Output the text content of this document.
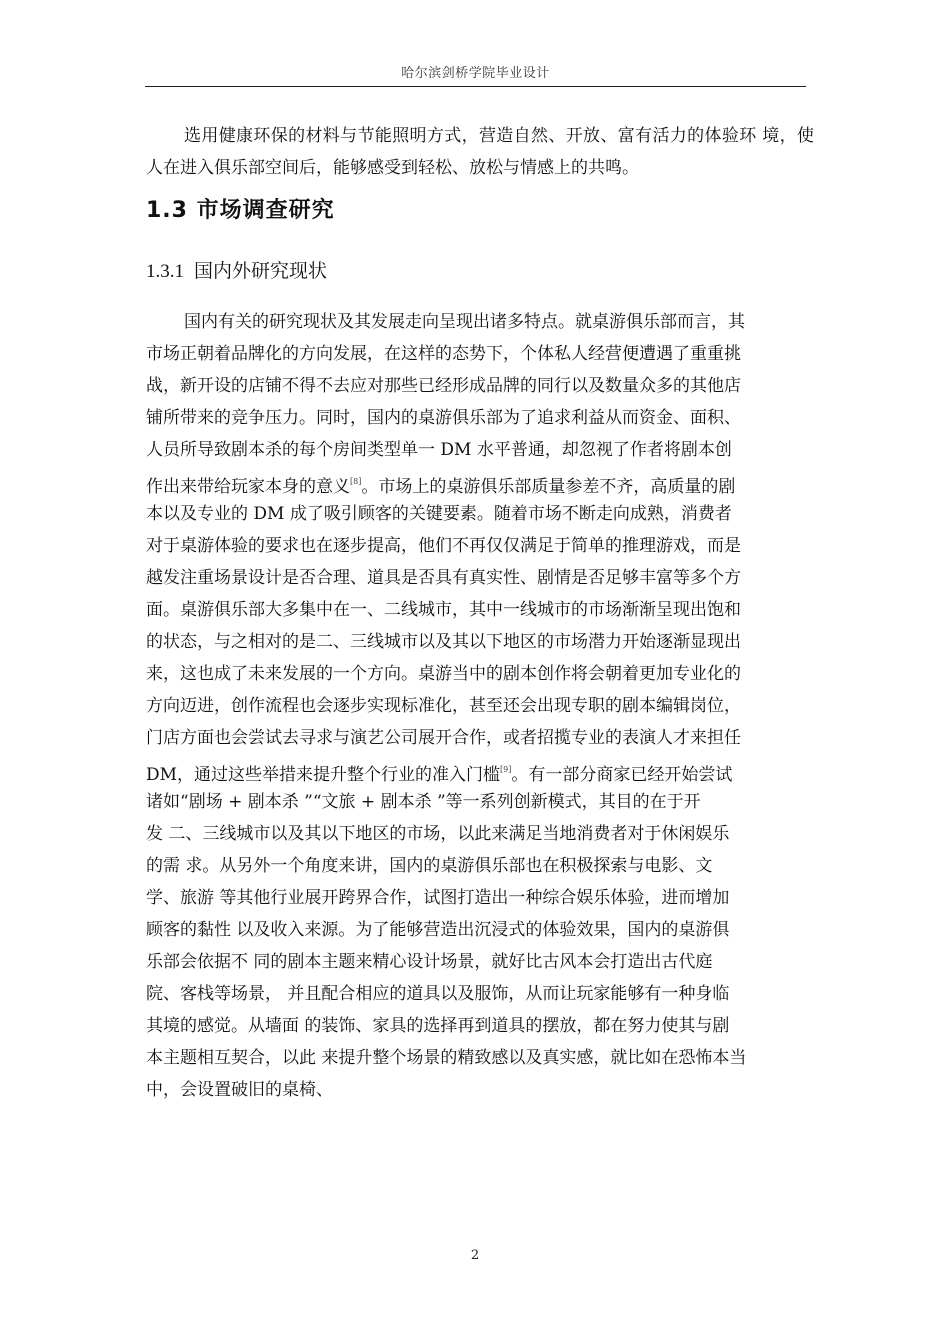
哈尔滨剑桥学院毕业设计
选用健康环保的材料与节能照明方式，营造自然、开放、富有活力的体验环 境，使人在进入俱乐部空间后，能够感受到轻松、放松与情感上的共鸣。
1.3 市场调查研究
1.3.1 国内外研究现状
国内有关的研究现状及其发展走向呈现出诸多特点。就桌游俱乐部而言，其
市场正朝着品牌化的方向发展，在这样的态势下，个体私人经营便遭遇了重重挑
战，新开设的店铺不得不去应对那些已经形成品牌的同行以及数量众多的其他店
铺所带来的竞争压力。同时，国内的桌游俱乐部为了追求利益从而资金、面积、
人员所导致剧本杀的每个房间类型单一 DM 水平普通，却忽视了作者将剧本创
作出来带给玩家本身的意义[8]。市场上的桌游俱乐部质量参差不齐，高质量的剧
本以及专业的 DM 成了吸引顾客的关键要素。随着市场不断走向成熟，消费者
对于桌游体验的要求也在逐步提高，他们不再仅仅满足于简单的推理游戏，而是
越发注重场景设计是否合理、道具是否具有真实性、剧情是否足够丰富等多个方
面。桌游俱乐部大多集中在一、二线城市，其中一线城市的市场渐渐呈现出饱和
的状态，与之相对的是二、三线城市以及其以下地区的市场潜力开始逐渐显现出
来，这也成了未来发展的一个方向。桌游当中的剧本创作将会朝着更加专业化的
方向迈进，创作流程也会逐步实现标准化，甚至还会出现专职的剧本编辑岗位，
门店方面也会尝试去寻求与演艺公司展开合作，或者招揽专业的表演人才来担任
DM，通过这些举措来提升整个行业的准入门槛[9]。有一部分商家已经开始尝试
诸如“剧场 + 剧本杀 ”“文旅 + 剧本杀 ”等一系列创新模式，其目的在于开
发 二、三线城市以及其以下地区的市场，以此来满足当地消费者对于休闲娱乐
的需 求。从另外一个角度来讲，国内的桌游俱乐部也在积极探索与电影、文
学、旅游 等其他行业展开跨界合作，试图打造出一种综合娱乐体验，进而增加
顾客的黏性 以及收入来源。为了能够营造出沉浸式的体验效果，国内的桌游俱
乐部会依据不 同的剧本主题来精心设计场景，就好比古风本会打造出古代庭
院、客栈等场景， 并且配合相应的道具以及服饰，从而让玩家能够有一种身临
其境的感觉。从墙面 的装饰、家具的选择再到道具的摆放，都在努力使其与剧
本主题相互契合，以此 来提升整个场景的精致感以及真实感，就比如在恐怖本当
中，会设置破旧的桌椅、
2
